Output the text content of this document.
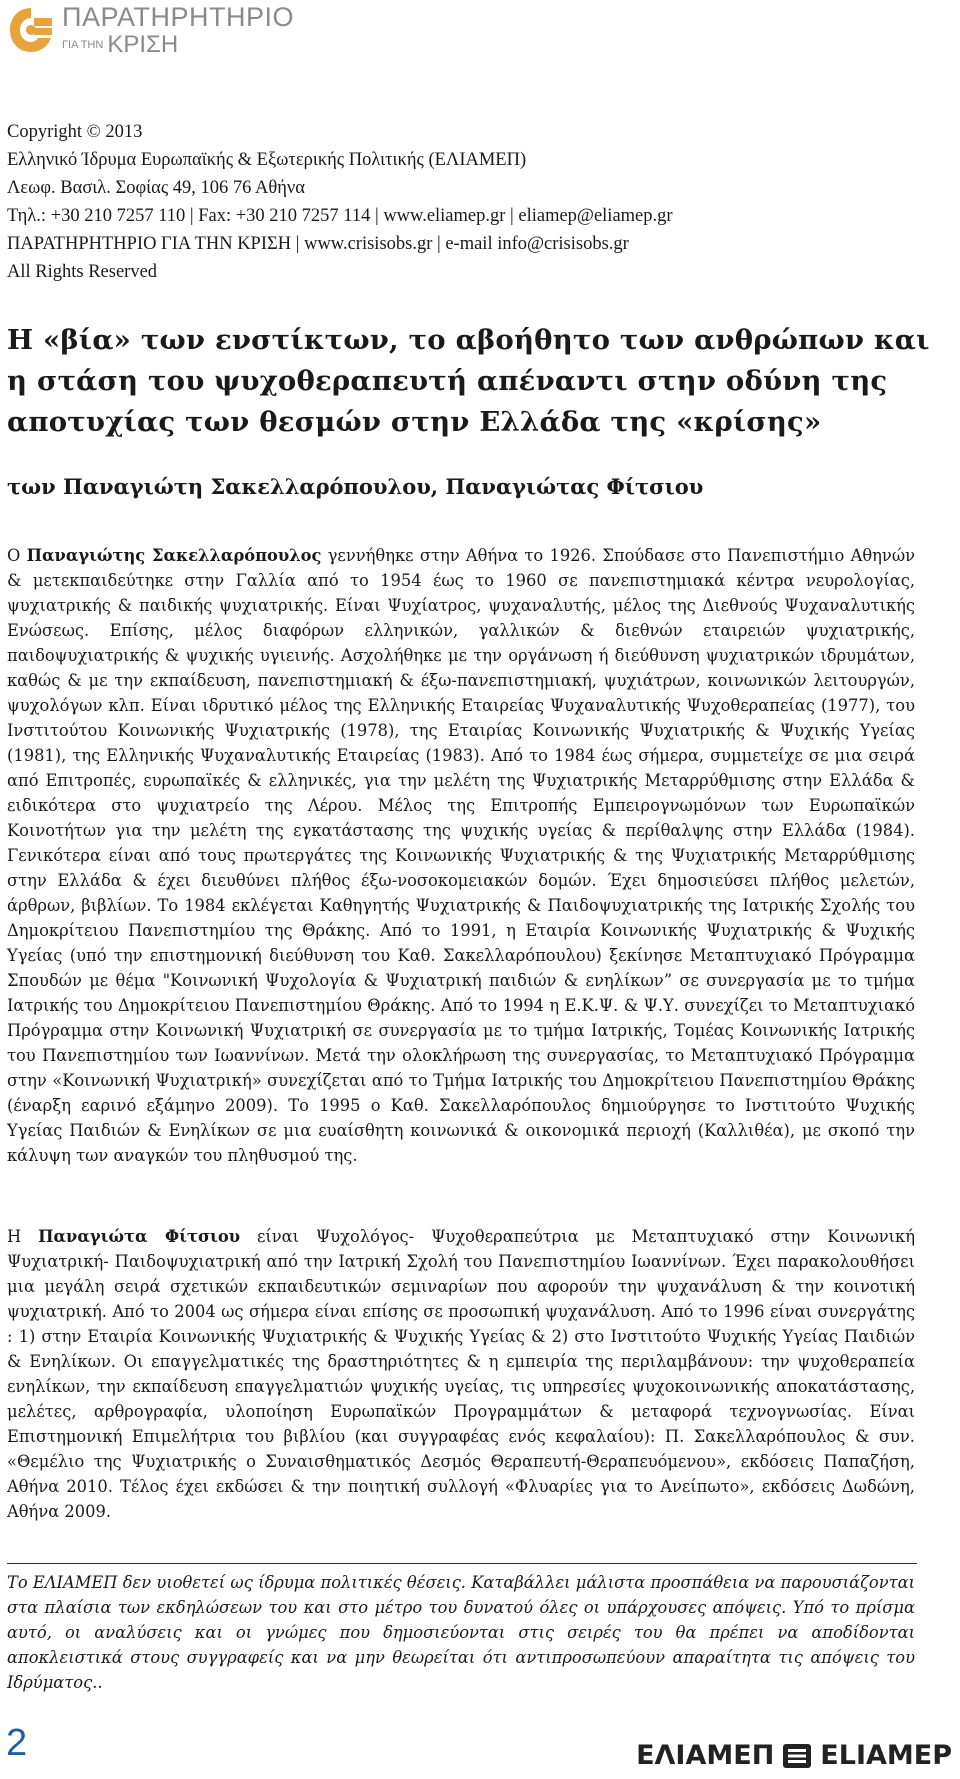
ΠΑΡΑΤΗΡΗΤΗΡΙΟ
ΓΙΑ ΤΗΝ ΚΡΙΣΗ
Copyright © 2013
Ελληνικό Ίδρυμα Ευρωπαϊκής & Εξωτερικής Πολιτικής (ΕΛΙΑΜΕΠ)
Λεωφ. Βασιλ. Σοφίας 49, 106 76 Αθήνα
Τηλ.: +30 210 7257 110 | Fax: +30 210 7257 114 | www.eliamep.gr | eliamep@eliamep.gr
ΠΑΡΑΤΗΡΗΤΗΡΙΟ ΓΙΑ ΤΗΝ ΚΡΙΣΗ | www.crisisobs.gr | e-mail info@crisisobs.gr
All Rights Reserved
Η «βία» των ενστίκτων, το αβοήθητο των ανθρώπων και η στάση του ψυχοθεραπευτή απέναντι στην οδύνη της αποτυχίας των θεσμών στην Ελλάδα της «κρίσης»
των Παναγιώτη Σακελλαρόπουλου, Παναγιώτας Φίτσιου
Ο Παναγιώτης Σακελλαρόπουλος γεννήθηκε στην Αθήνα το 1926. Σπούδασε στο Πανεπιστήμιο Αθηνών & μετεκπαιδεύτηκε στην Γαλλία από το 1954 έως το 1960 σε πανεπιστημιακά κέντρα νευρολογίας, ψυχιατρικής & παιδικής ψυχιατρικής. Είναι Ψυχίατρος, ψυχαναλυτής, μέλος της Διεθνούς Ψυχαναλυτικής Ενώσεως. Επίσης, μέλος διαφόρων ελληνικών, γαλλικών & διεθνών εταιρειών ψυχιατρικής, παιδοψυχιατρικής & ψυχικής υγιεινής. Ασχολήθηκε με την οργάνωση ή διεύθυνση ψυχιατρικών ιδρυμάτων, καθώς & με την εκπαίδευση, πανεπιστημιακή & έξω-πανεπιστημιακή, ψυχιάτρων, κοινωνικών λειτουργών, ψυχολόγων κλπ. Είναι ιδρυτικό μέλος της Ελληνικής Εταιρείας Ψυχαναλυτικής Ψυχοθεραπείας (1977), του Ινστιτούτου Κοινωνικής Ψυχιατρικής (1978), της Εταιρίας Κοινωνικής Ψυχιατρικής & Ψυχικής Υγείας (1981), της Ελληνικής Ψυχαναλυτικής Εταιρείας (1983). Από το 1984 έως σήμερα, συμμετείχε σε μια σειρά από Επιτροπές, ευρωπαϊκές & ελληνικές, για την μελέτη της Ψυχιατρικής Μεταρρύθμισης στην Ελλάδα & ειδικότερα στο ψυχιατρείο της Λέρου. Μέλος της Επιτροπής Εμπειρογνωμόνων των Ευρωπαϊκών Κοινοτήτων για την μελέτη της εγκατάστασης της ψυχικής υγείας & περίθαλψης στην Ελλάδα (1984). Γενικότερα είναι από τους πρωτεργάτες της Κοινωνικής Ψυχιατρικής & της Ψυχιατρικής Μεταρρύθμισης στην Ελλάδα & έχει διευθύνει πλήθος έξω-νοσοκομειακών δομών. Έχει δημοσιεύσει πλήθος μελετών, άρθρων, βιβλίων. Το 1984 εκλέγεται Καθηγητής Ψυχιατρικής & Παιδοψυχιατρικής της Ιατρικής Σχολής του Δημοκρίτειου Πανεπιστημίου της Θράκης. Από το 1991, η Εταιρία Κοινωνικής Ψυχιατρικής & Ψυχικής Υγείας (υπό την επιστημονική διεύθυνση του Καθ. Σακελλαρόπουλου) ξεκίνησε Μεταπτυχιακό Πρόγραμμα Σπουδών με θέμα "Κοινωνική Ψυχολογία & Ψυχιατρική παιδιών & ενηλίκων” σε συνεργασία με το τμήμα Ιατρικής του Δημοκρίτειου Πανεπιστημίου Θράκης. Από το 1994 η Ε.Κ.Ψ. & Ψ.Υ. συνεχίζει το Μεταπτυχιακό Πρόγραμμα στην Κοινωνική Ψυχιατρική σε συνεργασία με το τμήμα Ιατρικής, Τομέας Κοινωνικής Ιατρικής του Πανεπιστημίου των Ιωαννίνων. Μετά την ολοκλήρωση της συνεργασίας, το Μεταπτυχιακό Πρόγραμμα στην «Κοινωνική Ψυχιατρική» συνεχίζεται από το Τμήμα Ιατρικής του Δημοκρίτειου Πανεπιστημίου Θράκης (έναρξη εαρινό εξάμηνο 2009). Το 1995 ο Καθ. Σακελλαρόπουλος δημιούργησε το Ινστιτούτο Ψυχικής Υγείας Παιδιών & Ενηλίκων σε μια ευαίσθητη κοινωνικά & οικονομικά περιοχή (Καλλιθέα), με σκοπό την κάλυψη των αναγκών του πληθυσμού της.
Η Παναγιώτα Φίτσιου είναι Ψυχολόγος- Ψυχοθεραπεύτρια με Μεταπτυχιακό στην Κοινωνική Ψυχιατρική- Παιδοψυχιατρική από την Ιατρική Σχολή του Πανεπιστημίου Ιωαννίνων. Έχει παρακολουθήσει μια μεγάλη σειρά σχετικών εκπαιδευτικών σεμιναρίων που αφορούν την ψυχανάλυση & την κοινοτική ψυχιατρική. Από το 2004 ως σήμερα είναι επίσης σε προσωπική ψυχανάλυση. Από το 1996 είναι συνεργάτης : 1) στην Εταιρία Κοινωνικής Ψυχιατρικής & Ψυχικής Υγείας & 2) στο Ινστιτούτο Ψυχικής Υγείας Παιδιών & Ενηλίκων. Οι επαγγελματικές της δραστηριότητες & η εμπειρία της περιλαμβάνουν: την ψυχοθεραπεία ενηλίκων, την εκπαίδευση επαγγελματιών ψυχικής υγείας, τις υπηρεσίες ψυχοκοινωνικής αποκατάστασης, μελέτες, αρθρογραφία, υλοποίηση Ευρωπαϊκών Προγραμμάτων & μεταφορά τεχνογνωσίας. Είναι Επιστημονική Επιμελήτρια του βιβλίου (και συγγραφέας ενός κεφαλαίου): Π. Σακελλαρόπουλος & συν. «Θεμέλιο της Ψυχιατρικής ο Συναισθηματικός Δεσμός Θεραπευτή-Θεραπευόμενου», εκδόσεις Παπαζήση, Αθήνα 2010. Τέλος έχει εκδώσει & την ποιητική συλλογή «Φλυαρίες για το Ανείπωτο», εκδόσεις Δωδώνη, Αθήνα 2009.
Το ΕΛΙΑΜΕΠ δεν υιοθετεί ως ίδρυμα πολιτικές θέσεις. Καταβάλλει μάλιστα προσπάθεια να παρουσιάζονται στα πλαίσια των εκδηλώσεων του και στο μέτρο του δυνατού όλες οι υπάρχουσες απόψεις. Υπό το πρίσμα αυτό, οι αναλύσεις και οι γνώμες που δημοσιεύονται στις σειρές του θα πρέπει να αποδίδονται αποκλειστικά στους συγγραφείς και να μην θεωρείται ότι αντιπροσωπεύουν απαραίτητα τις απόψεις του Ιδρύματος..
2	ΕΛΙΑΜΕΠ ELIAMEP
